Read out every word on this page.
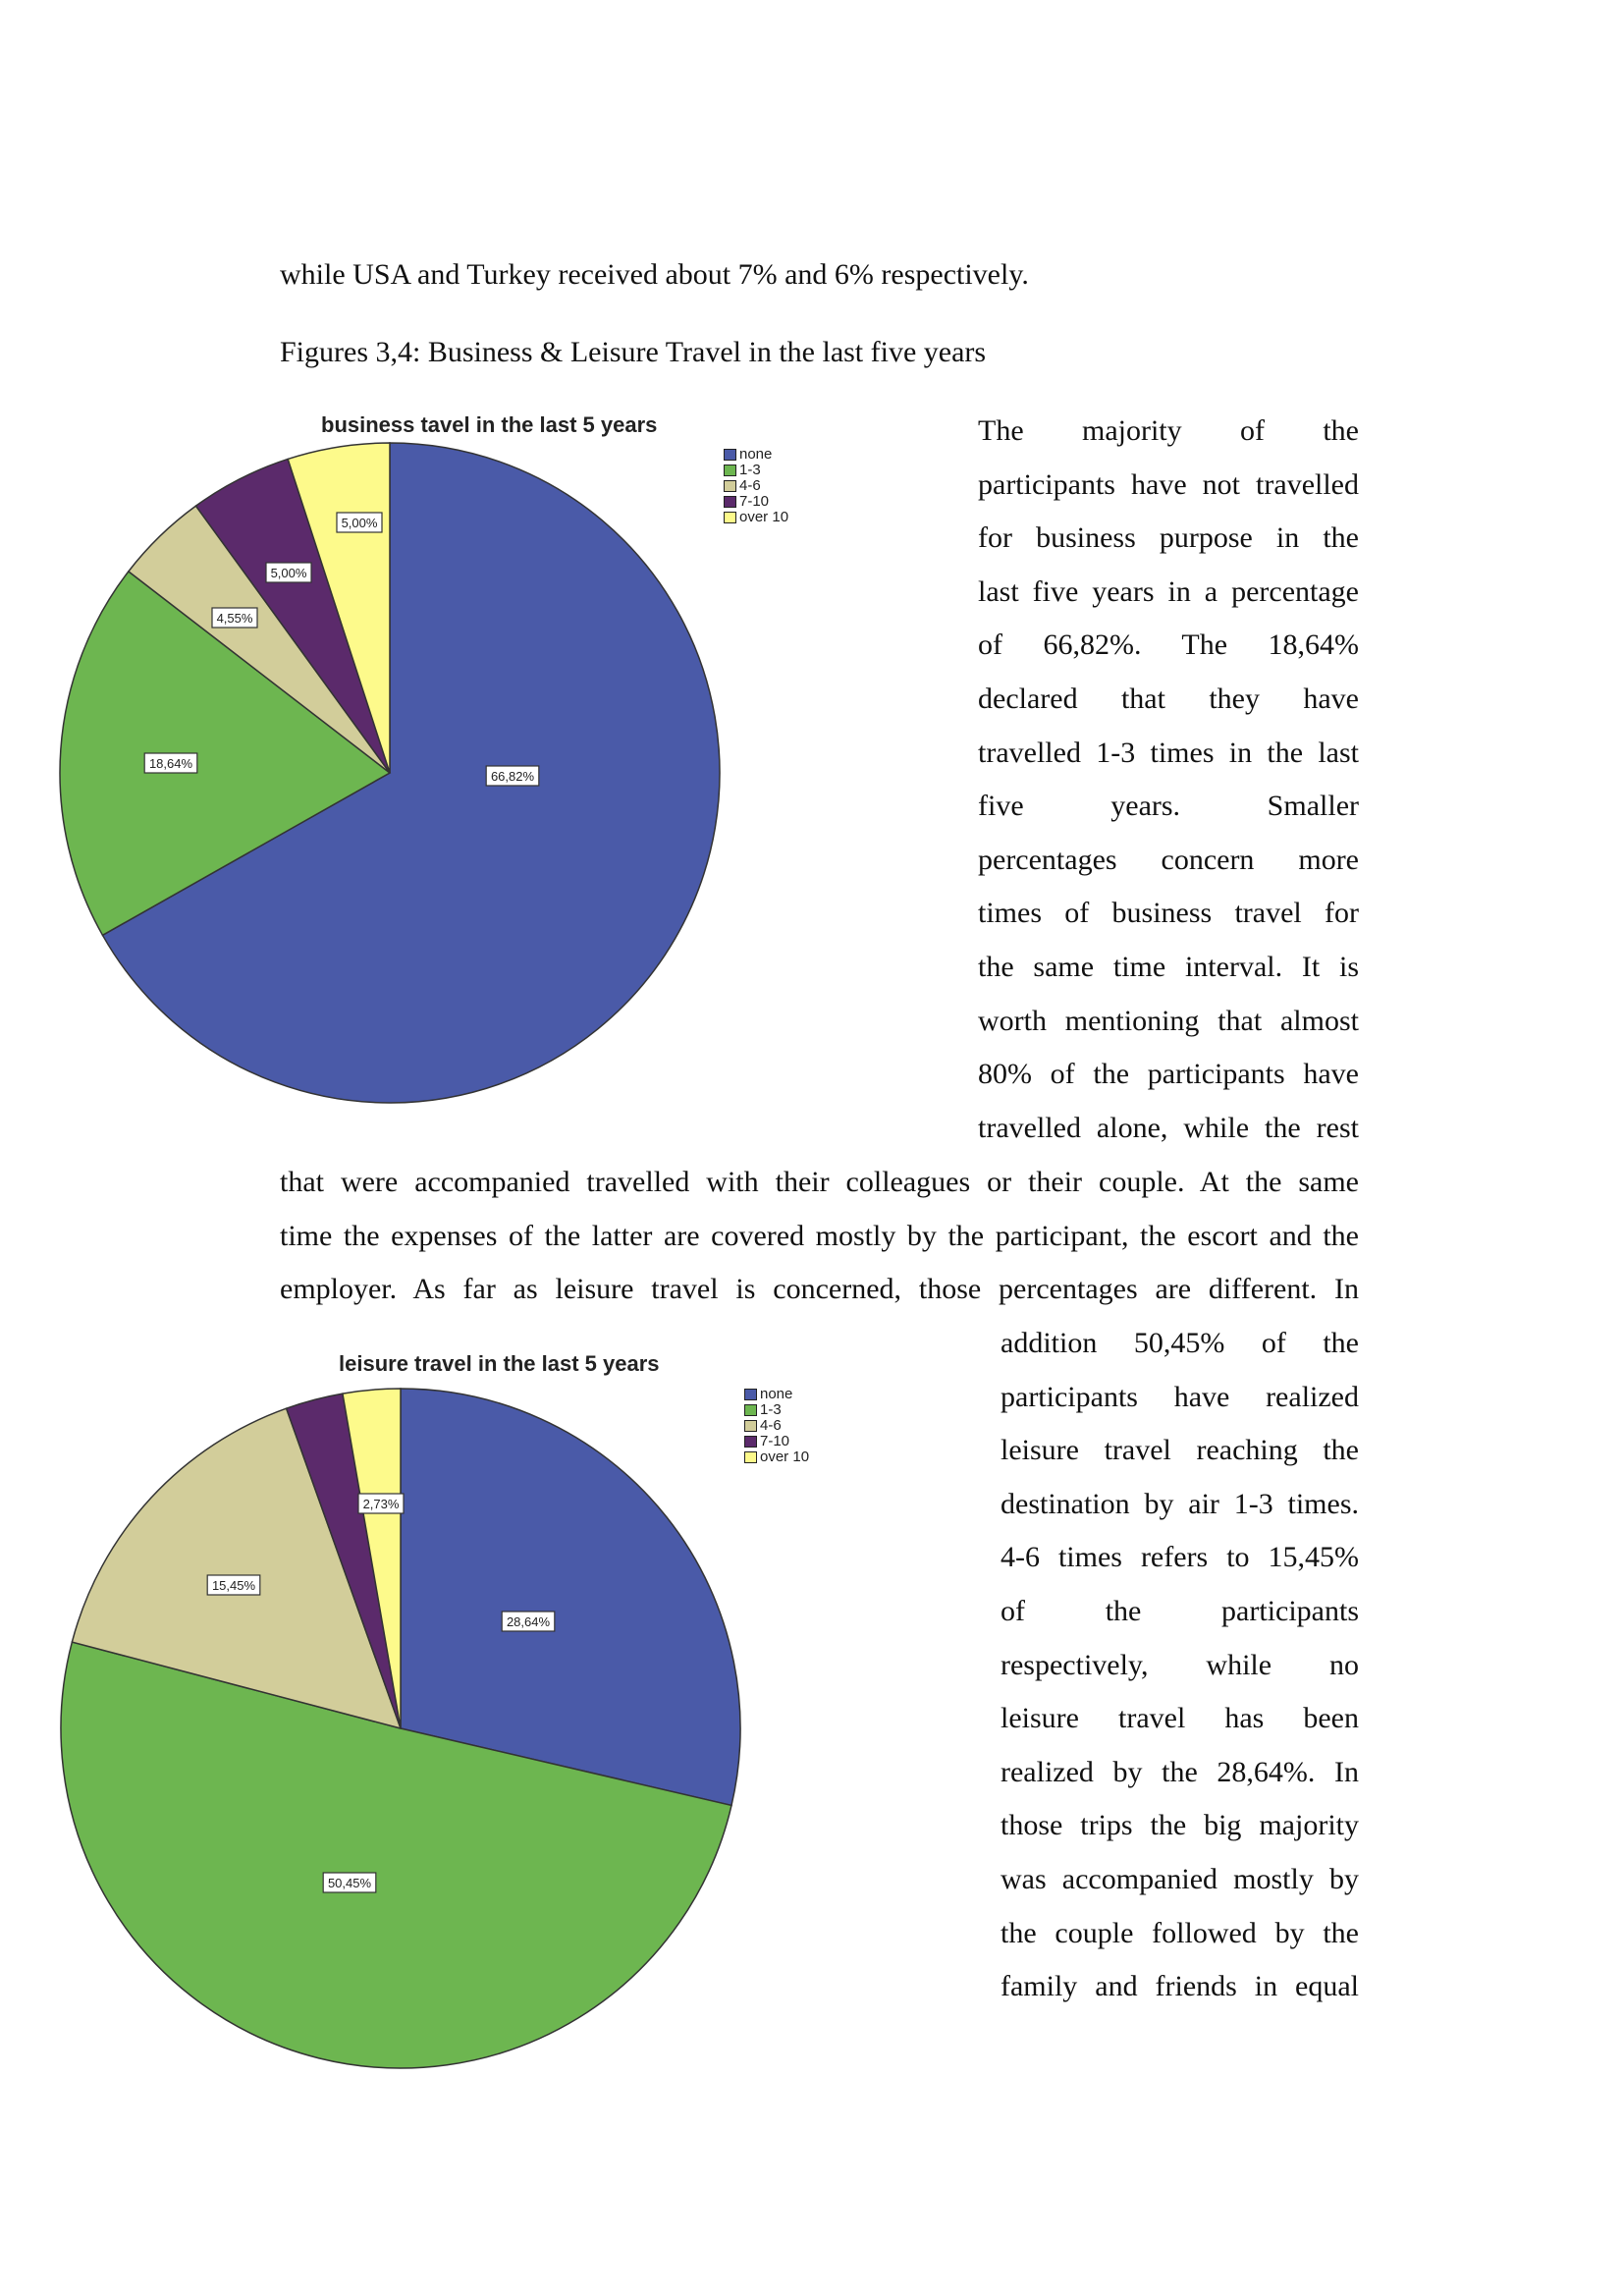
while USA and Turkey received about 7% and 6% respectively.
Figures 3,4: Business & Leisure Travel in the last five years
business tavel in the last 5 years
66,82%
18,64%
4,55%
5,00%
5,00%
none
1-3
4-6
7-10
over 10
The majority of the
participants have not travelled
for business purpose in the
last five years in a percentage
of 66,82%. The 18,64%
declared that they have
travelled 1-3 times in the last
five years. Smaller
percentages concern more
times of business travel for
the same time interval. It is
worth mentioning that almost
80% of the participants have
travelled alone, while the rest
that were accompanied travelled with their colleagues or their couple. At the same
time the expenses of the latter are covered mostly by the participant, the escort and the
employer. As far as leisure travel is concerned, those percentages are different. In
leisure travel in the last 5 years
28,64%
50,45%
15,45%
2,73%
none
1-3
4-6
7-10
over 10
addition 50,45% of the
participants have realized
leisure travel reaching the
destination by air 1-3 times.
4-6 times refers to 15,45%
of the participants
respectively, while no
leisure travel has been
realized by the 28,64%. In
those trips the big majority
was accompanied mostly by
the couple followed by the
family and friends in equal
